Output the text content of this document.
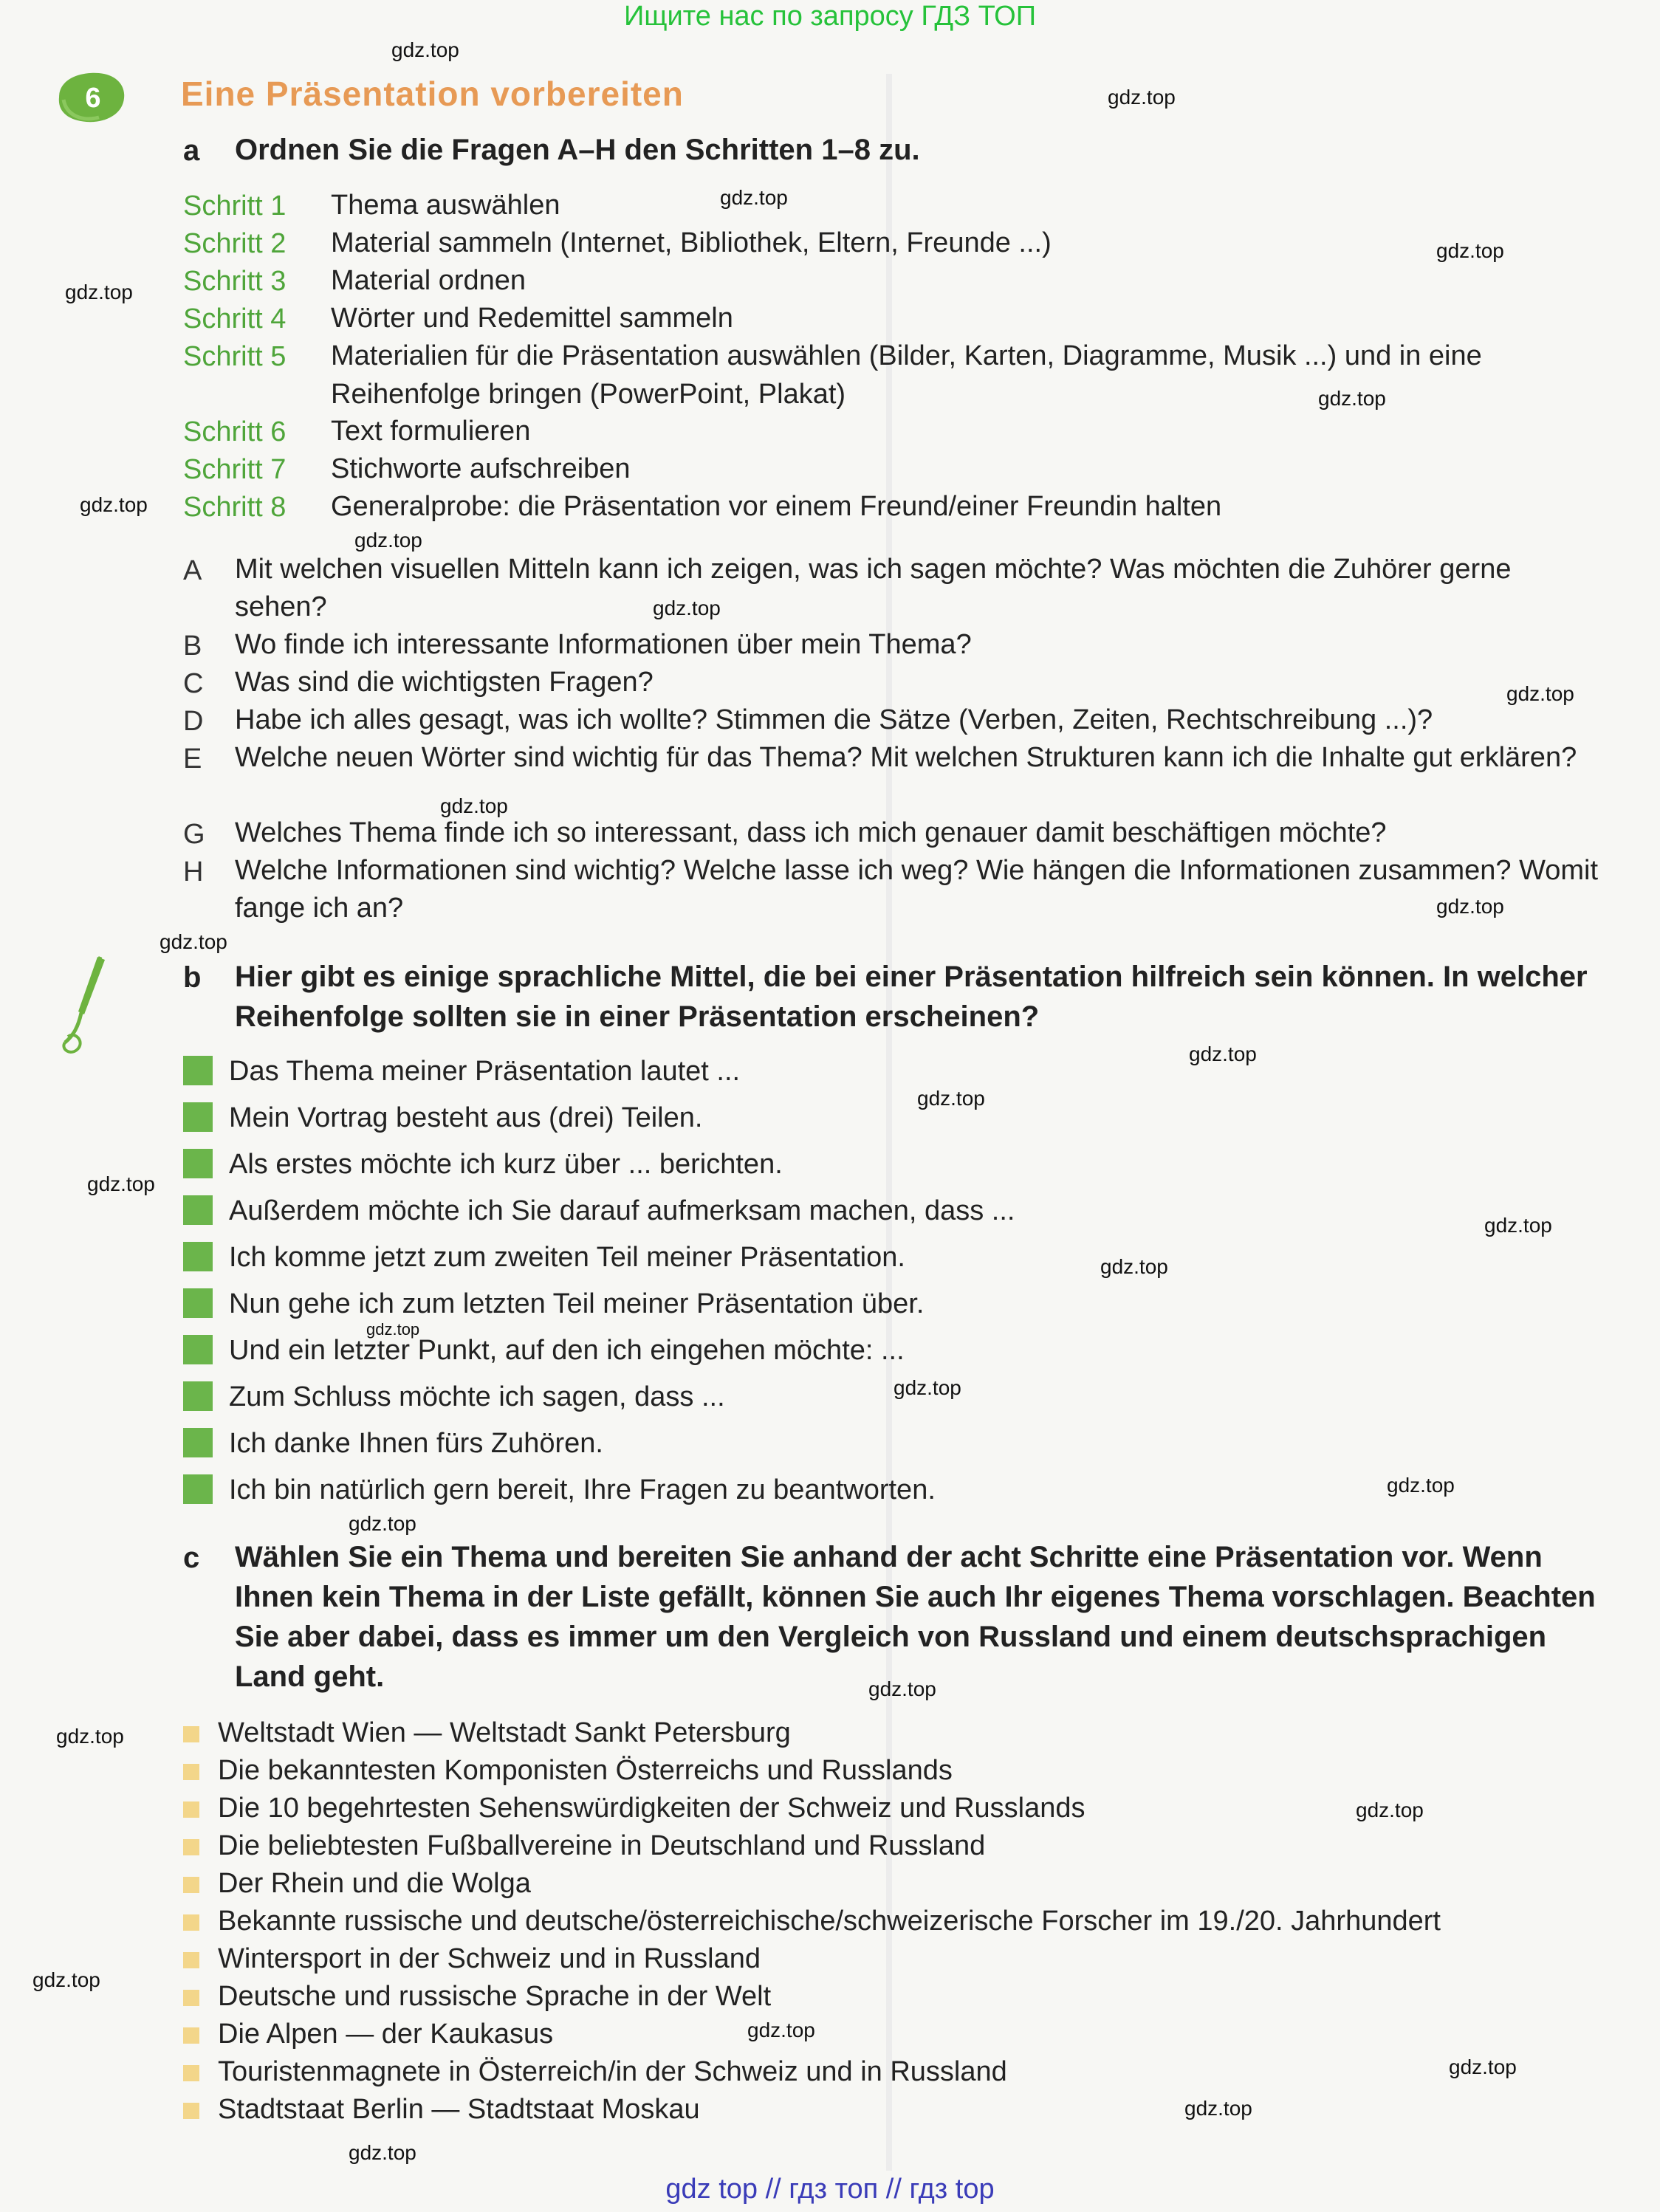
Ищите нас по запросу ГДЗ ТОП
6 Eine Präsentation vorbereiten
a Ordnen Sie die Fragen A–H den Schritten 1–8 zu.
Schritt 1 Thema auswählen
Schritt 2 Material sammeln (Internet, Bibliothek, Eltern, Freunde ...)
Schritt 3 Material ordnen
Schritt 4 Wörter und Redemittel sammeln
Schritt 5 Materialien für die Präsentation auswählen (Bilder, Karten, Diagramme, Musik ...) und in eine Reihenfolge bringen (PowerPoint, Plakat)
Schritt 6 Text formulieren
Schritt 7 Stichworte aufschreiben
Schritt 8 Generalprobe: die Präsentation vor einem Freund/einer Freundin halten
A Mit welchen visuellen Mitteln kann ich zeigen, was ich sagen möchte? Was möchten die Zuhörer gerne sehen?
B Wo finde ich interessante Informationen über mein Thema?
C Was sind die wichtigsten Fragen?
D Habe ich alles gesagt, was ich wollte? Stimmen die Sätze (Verben, Zeiten, Rechtschreibung ...)?
E Welche neuen Wörter sind wichtig für das Thema? Mit welchen Strukturen kann ich die Inhalte gut erklären?
G Welches Thema finde ich so interessant, dass ich mich genauer damit beschäftigen möchte?
H Welche Informationen sind wichtig? Welche lasse ich weg? Wie hängen die Informationen zusammen? Womit fange ich an?
b Hier gibt es einige sprachliche Mittel, die bei einer Präsentation hilfreich sein können. In welcher Reihenfolge sollten sie in einer Präsentation erscheinen?
Das Thema meiner Präsentation lautet ...
Mein Vortrag besteht aus (drei) Teilen.
Als erstes möchte ich kurz über ... berichten.
Außerdem möchte ich Sie darauf aufmerksam machen, dass ...
Ich komme jetzt zum zweiten Teil meiner Präsentation.
Nun gehe ich zum letzten Teil meiner Präsentation über.
Und ein letzter Punkt, auf den ich eingehen möchte: ...
Zum Schluss möchte ich sagen, dass ...
Ich danke Ihnen fürs Zuhören.
Ich bin natürlich gern bereit, Ihre Fragen zu beantworten.
c Wählen Sie ein Thema und bereiten Sie anhand der acht Schritte eine Präsentation vor. Wenn Ihnen kein Thema in der Liste gefällt, können Sie auch Ihr eigenes Thema vorschlagen. Beachten Sie aber dabei, dass es immer um den Vergleich von Russland und einem deutschsprachigen Land geht.
Weltstadt Wien — Weltstadt Sankt Petersburg
Die bekanntesten Komponisten Österreichs und Russlands
Die 10 begehrtesten Sehenswürdigkeiten der Schweiz und Russlands
Die beliebtesten Fußballvereine in Deutschland und Russland
Der Rhein und die Wolga
Bekannte russische und deutsche/österreichische/schweizerische Forscher im 19./20. Jahrhundert
Wintersport in der Schweiz und in Russland
Deutsche und russische Sprache in der Welt
Die Alpen — der Kaukasus
Touristenmagnete in Österreich/in der Schweiz und in Russland
Stadtstaat Berlin — Stadtstaat Moskau
gdz.top
gdz.top
gdz.top
gdz.top
gdz.top
gdz.top
gdz.top
gdz.top
gdz.top
gdz.top
gdz.top
gdz.top
gdz.top
gdz.top
gdz.top
gdz.top
gdz.top
gdz.top
gdz.top
gdz.top
gdz.top
gdz.top
gdz.top
gdz.top
gdz.top
gdz.top
gdz.top
gdz.top
gdz.top
gdz.top
gdz top // гдз топ // гдз top
